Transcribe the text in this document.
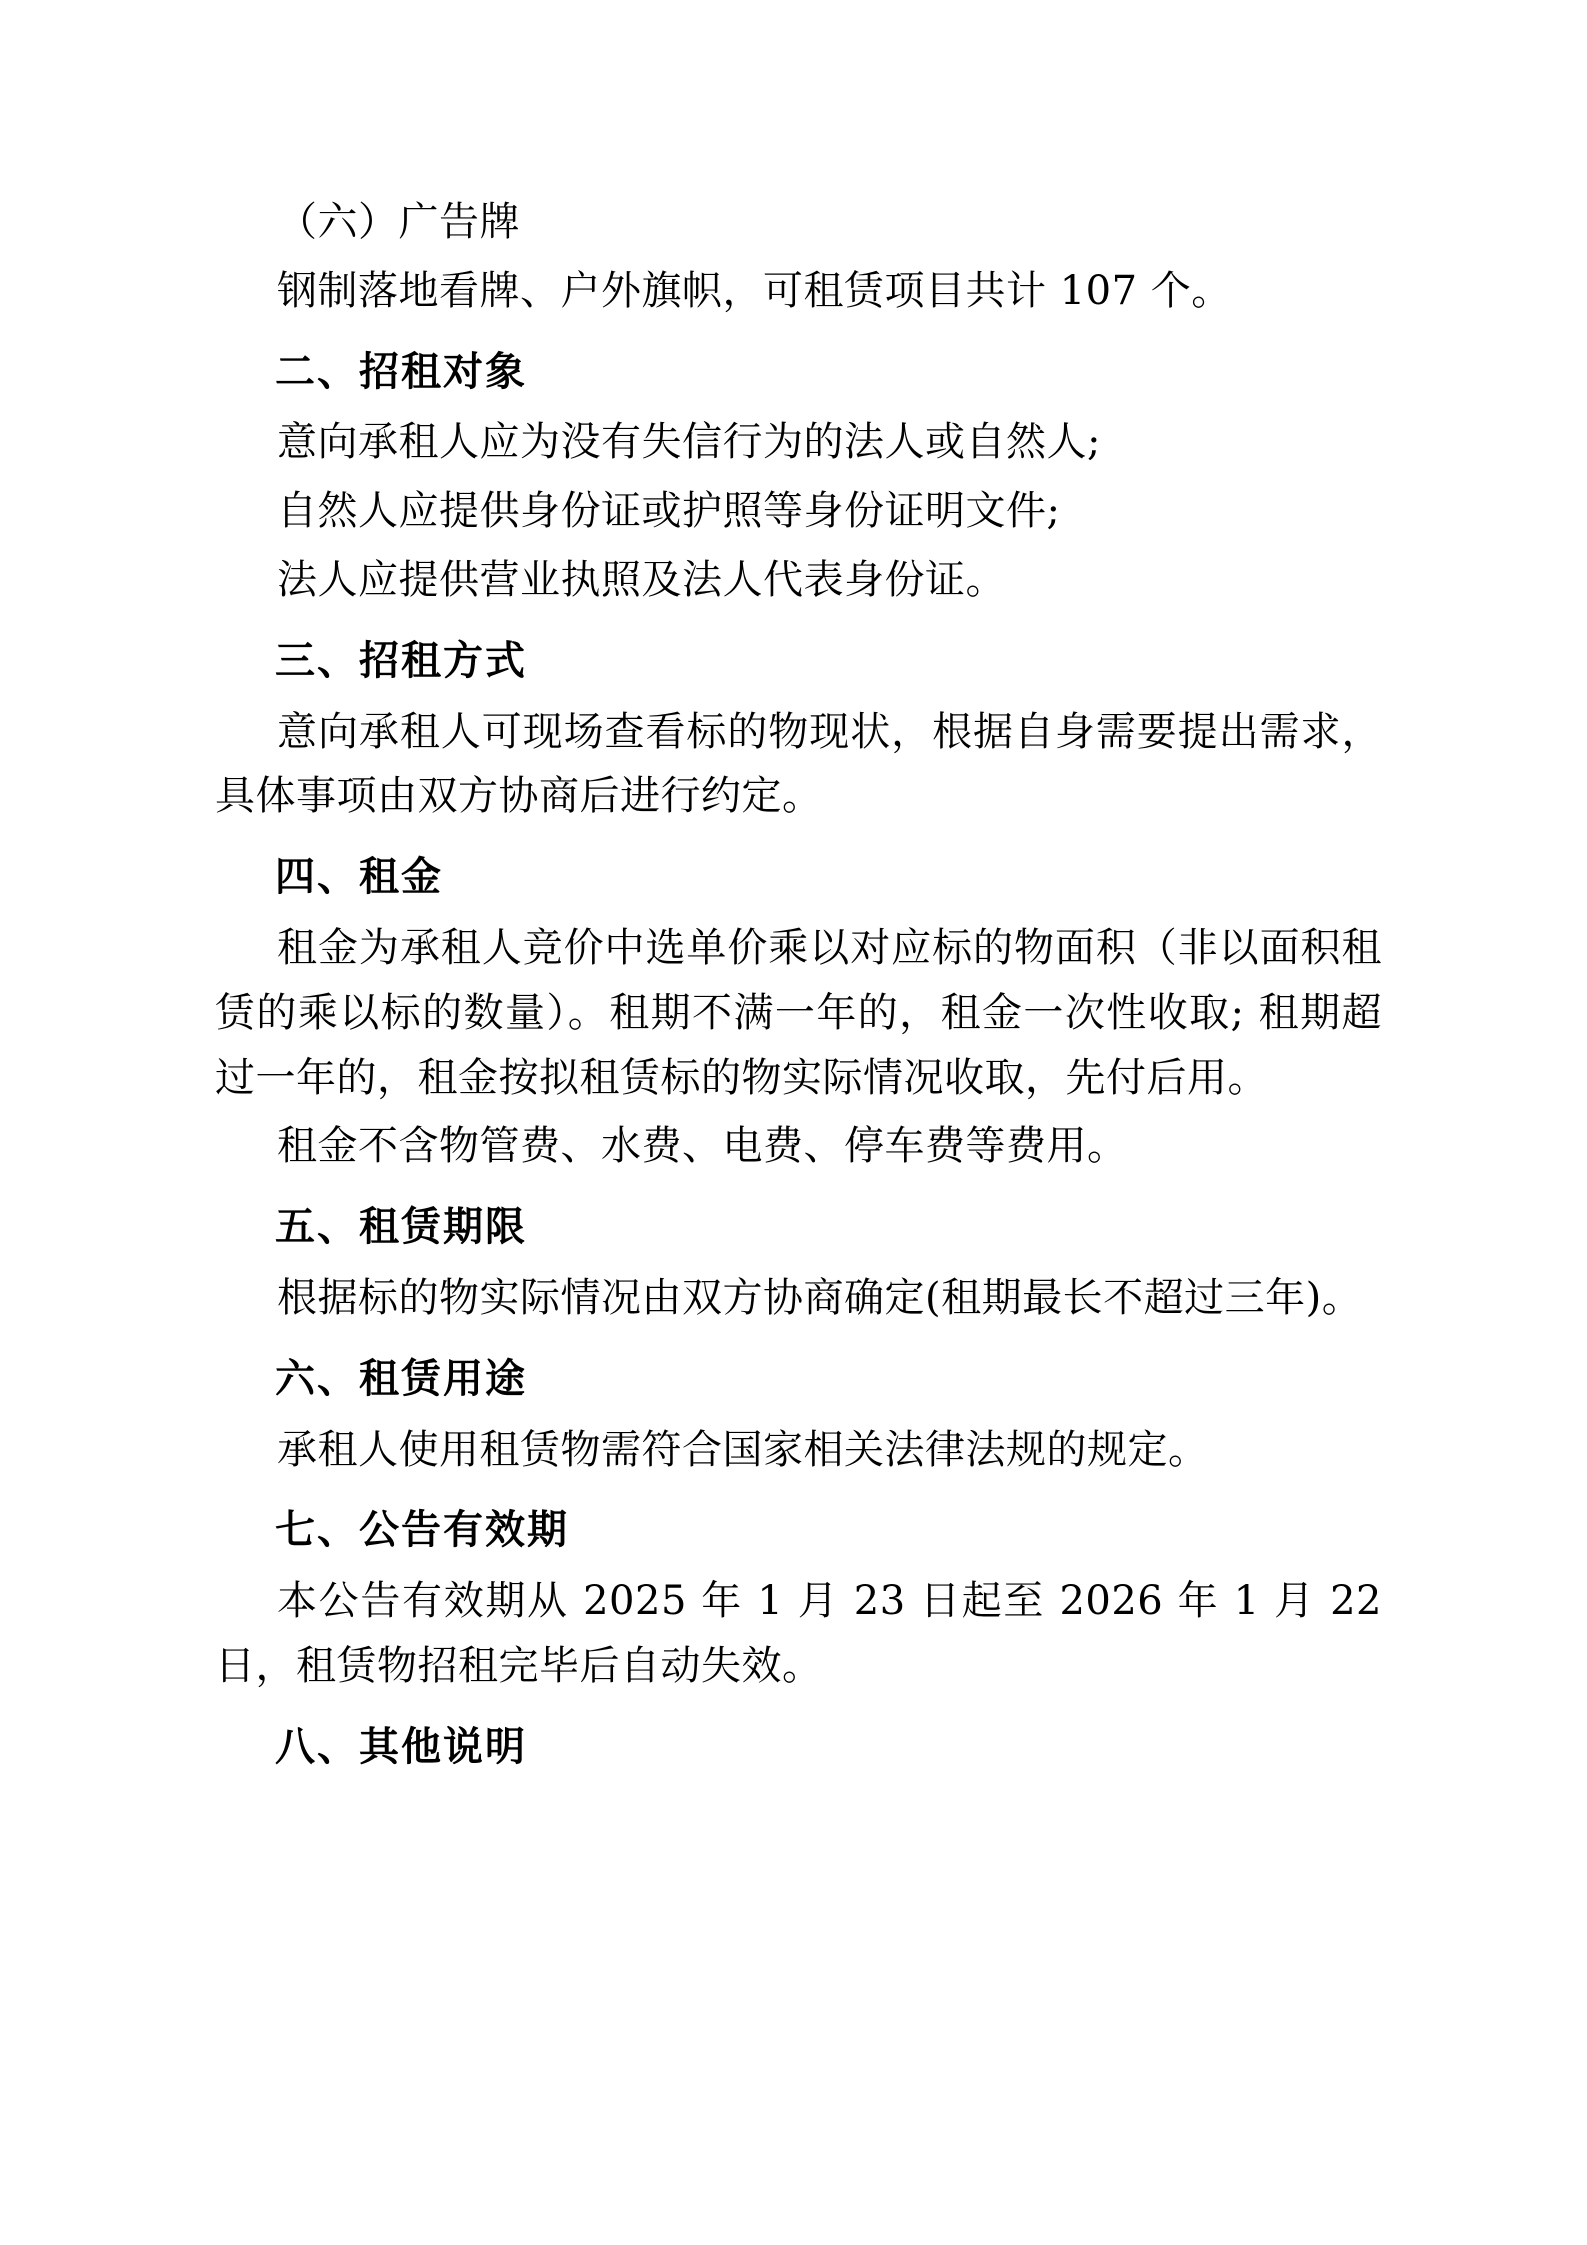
（六）广告牌
钢制落地看牌、户外旗帜，可租赁项目共计 107 个。
二、招租对象
意向承租人应为没有失信行为的法人或自然人;
自然人应提供身份证或护照等身份证明文件;
法人应提供营业执照及法人代表身份证。
三、招租方式
意向承租人可现场查看标的物现状，根据自身需要提出需求，具体事项由双方协商后进行约定。
四、租金
租金为承租人竞价中选单价乘以对应标的物面积（非以面积租赁的乘以标的数量）。租期不满一年的，租金一次性收取; 租期超过一年的，租金按拟租赁标的物实际情况收取，先付后用。
租金不含物管费、水费、电费、停车费等费用。
五、租赁期限
根据标的物实际情况由双方协商确定(租期最长不超过三年)。
六、租赁用途
承租人使用租赁物需符合国家相关法律法规的规定。
七、公告有效期
本公告有效期从 2025 年 1 月 23 日起至 2026 年 1 月 22 日，租赁物招租完毕后自动失效。
八、其他说明
